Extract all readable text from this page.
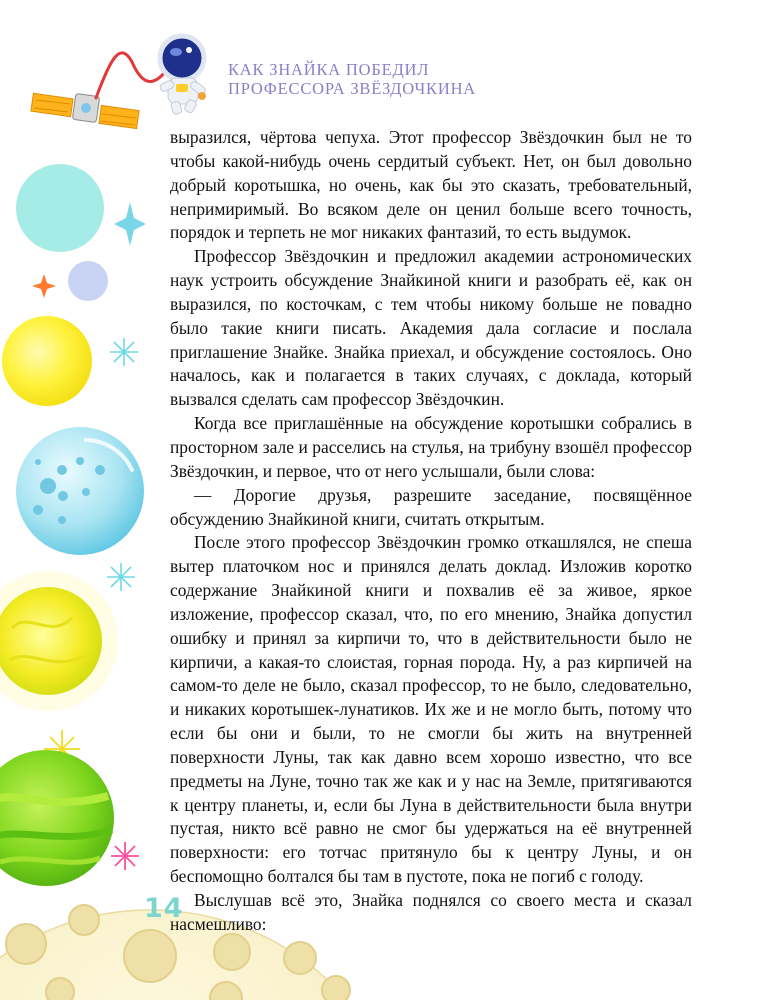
КАК ЗНАЙКА ПОБЕДИЛ
ПРОФЕССОРА ЗВЁЗДОЧКИНА

выразился, чёртова чепуха. Этот профессор Звёздочкин был не то чтобы какой-нибудь очень сердитый субъект. Нет, он был довольно добрый коротышка, но очень, как бы это сказать, требовательный, непримиримый. Во всяком деле он ценил больше всего точность, порядок и терпеть не мог никаких фантазий, то есть выдумок.

Профессор Звёздочкин и предложил академии астрономических наук устроить обсуждение Знайкиной книги и разобрать её, как он выразился, по косточкам, с тем чтобы никому больше не повадно было такие книги писать. Академия дала согласие и послала приглашение Знайке. Знайка приехал, и обсуждение состоялось. Оно началось, как и полагается в таких случаях, с доклада, который вызвался сделать сам профессор Звёздочкин.

Когда все приглашённые на обсуждение коротышки собрались в просторном зале и расселись на стулья, на трибуну взошёл профессор Звёздочкин, и первое, что от него услышали, были слова:

— Дорогие друзья, разрешите заседание, посвящённое обсуждению Знайкиной книги, считать открытым.

После этого профессор Звёздочкин громко откашлялся, не спеша вытер платочком нос и принялся делать доклад. Изложив коротко содержание Знайкиной книги и похвалив её за живое, яркое изложение, профессор сказал, что, по его мнению, Знайка допустил ошибку и принял за кирпичи то, что в действительности было не кирпичи, а какая-то слоистая, горная порода. Ну, а раз кирпичей на самом-то деле не было, сказал профессор, то не было, следовательно, и никаких коротышек-лунатиков. Их же и не могло быть, потому что если бы они и были, то не смогли бы жить на внутренней поверхности Луны, так как давно всем хорошо известно, что все предметы на Луне, точно так же как и у нас на Земле, притягиваются к центру планеты, и, если бы Луна в действительности была внутри пустая, никто всё равно не смог бы удержаться на её внутренней поверхности: его тотчас притянуло бы к центру Луны, и он беспомощно болтался бы там в пустоте, пока не погиб с голоду.

Выслушав всё это, Знайка поднялся со своего места и сказал насмешливо:

14
